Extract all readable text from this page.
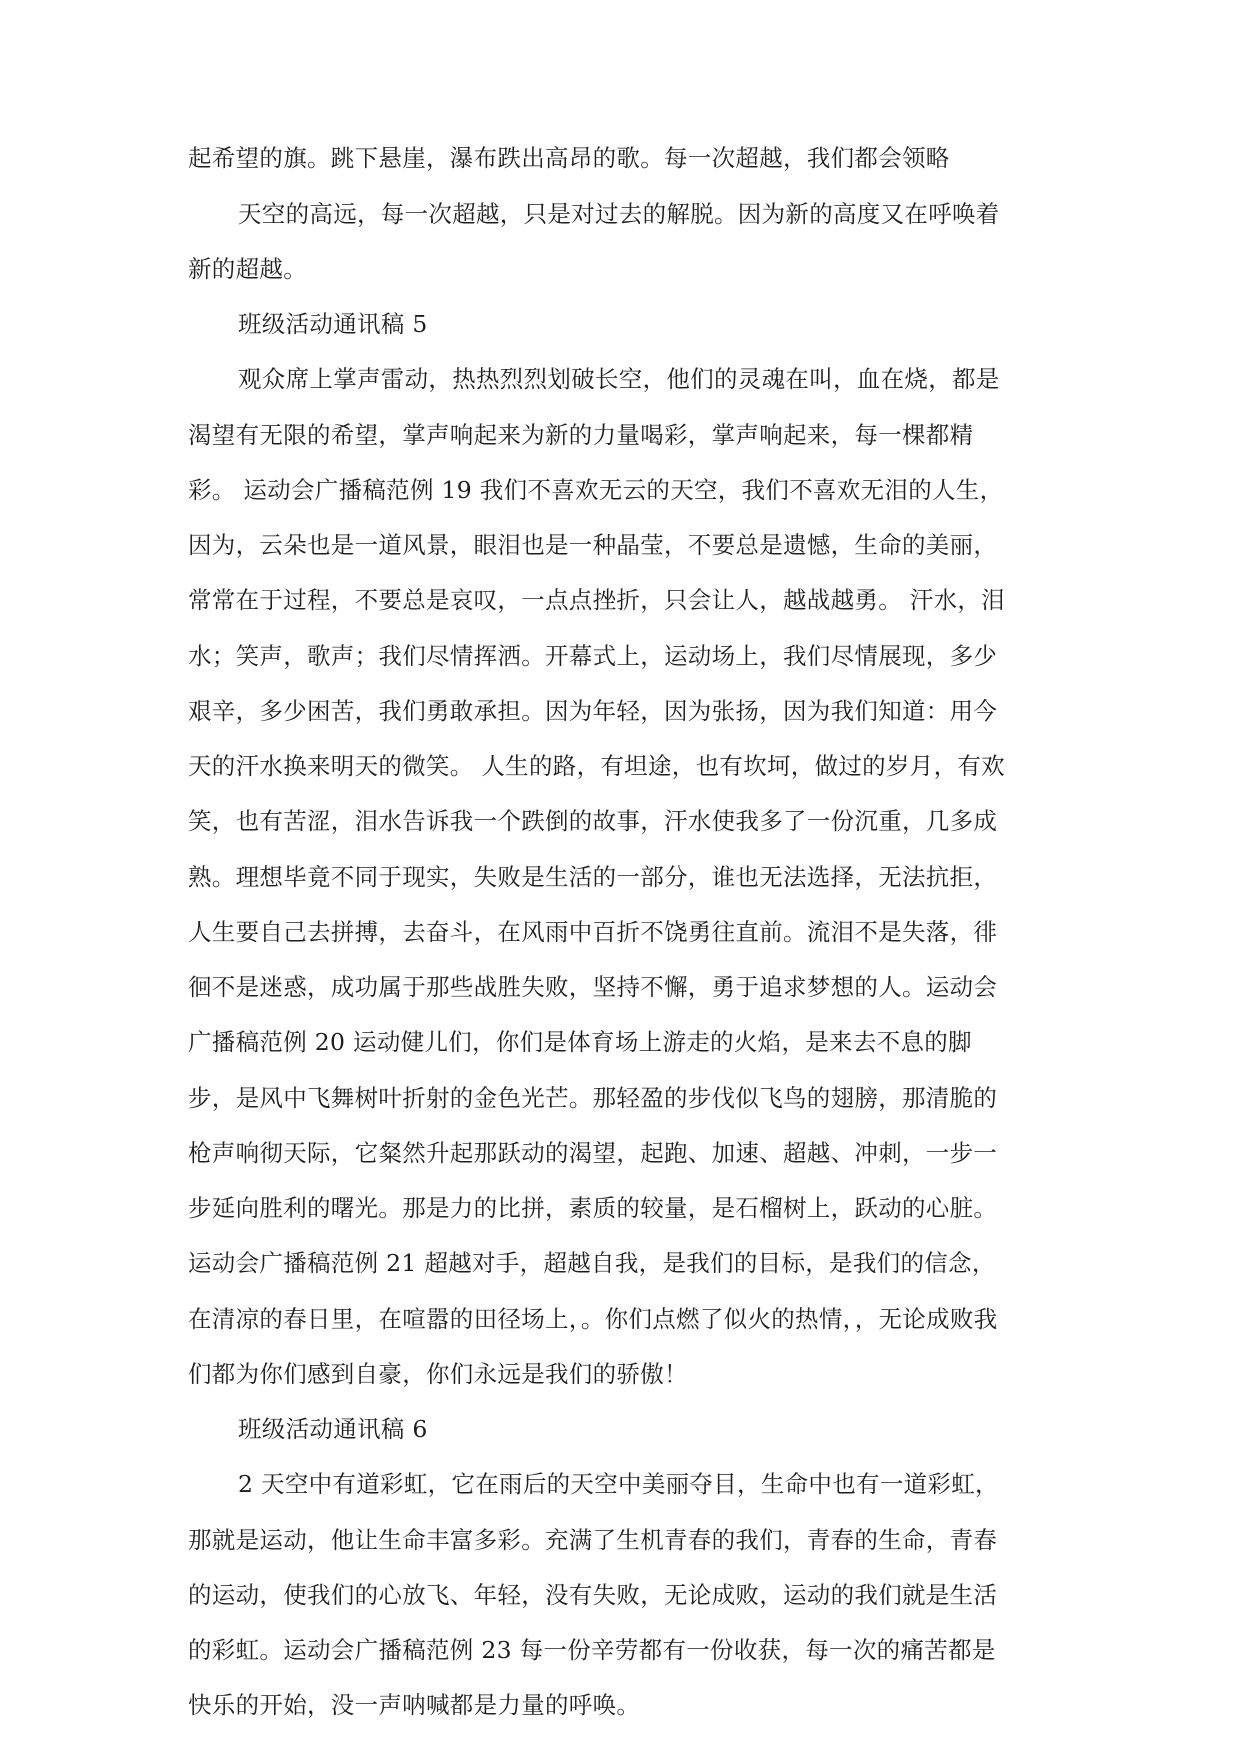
起希望的旗。跳下悬崖，瀑布跌出高昂的歌。每一次超越，我们都会领略
天空的高远，每一次超越，只是对过去的解脱。因为新的高度又在呼唤着
新的超越。
班级活动通讯稿 5
观众席上掌声雷动，热热烈烈划破长空，他们的灵魂在叫，血在烧，都是
渴望有无限的希望，掌声响起来为新的力量喝彩，掌声响起来，每一棵都精
彩。 运动会广播稿范例 19 我们不喜欢无云的天空，我们不喜欢无泪的人生，
因为，云朵也是一道风景，眼泪也是一种晶莹，不要总是遗憾，生命的美丽，
常常在于过程，不要总是哀叹，一点点挫折，只会让人，越战越勇。 汗水，泪
水；笑声，歌声；我们尽情挥洒。开幕式上，运动场上，我们尽情展现，多少
艰辛，多少困苦，我们勇敢承担。因为年轻，因为张扬，因为我们知道：用今
天的汗水换来明天的微笑。 人生的路，有坦途，也有坎坷，做过的岁月，有欢
笑，也有苦涩，泪水告诉我一个跌倒的故事，汗水使我多了一份沉重，几多成
熟。理想毕竟不同于现实，失败是生活的一部分，谁也无法选择，无法抗拒，
人生要自己去拼搏，去奋斗，在风雨中百折不饶勇往直前。流泪不是失落，徘
徊不是迷惑，成功属于那些战胜失败，坚持不懈，勇于追求梦想的人。运动会
广播稿范例 20 运动健儿们，你们是体育场上游走的火焰，是来去不息的脚
步，是风中飞舞树叶折射的金色光芒。那轻盈的步伐似飞鸟的翅膀，那清脆的
枪声响彻天际，它粲然升起那跃动的渴望，起跑、加速、超越、冲刺，一步一
步延向胜利的曙光。那是力的比拼，素质的较量，是石榴树上，跃动的心脏。
运动会广播稿范例 21 超越对手，超越自我，是我们的目标，是我们的信念，
在清凉的春日里，在喧嚣的田径场上，。你们点燃了似火的热情，，无论成败我
们都为你们感到自豪，你们永远是我们的骄傲！
班级活动通讯稿 6
2 天空中有道彩虹，它在雨后的天空中美丽夺目，生命中也有一道彩虹，
那就是运动，他让生命丰富多彩。充满了生机青春的我们，青春的生命，青春
的运动，使我们的心放飞、年轻，没有失败，无论成败，运动的我们就是生活
的彩虹。运动会广播稿范例 23 每一份辛劳都有一份收获，每一次的痛苦都是
快乐的开始，没一声呐喊都是力量的呼唤。
